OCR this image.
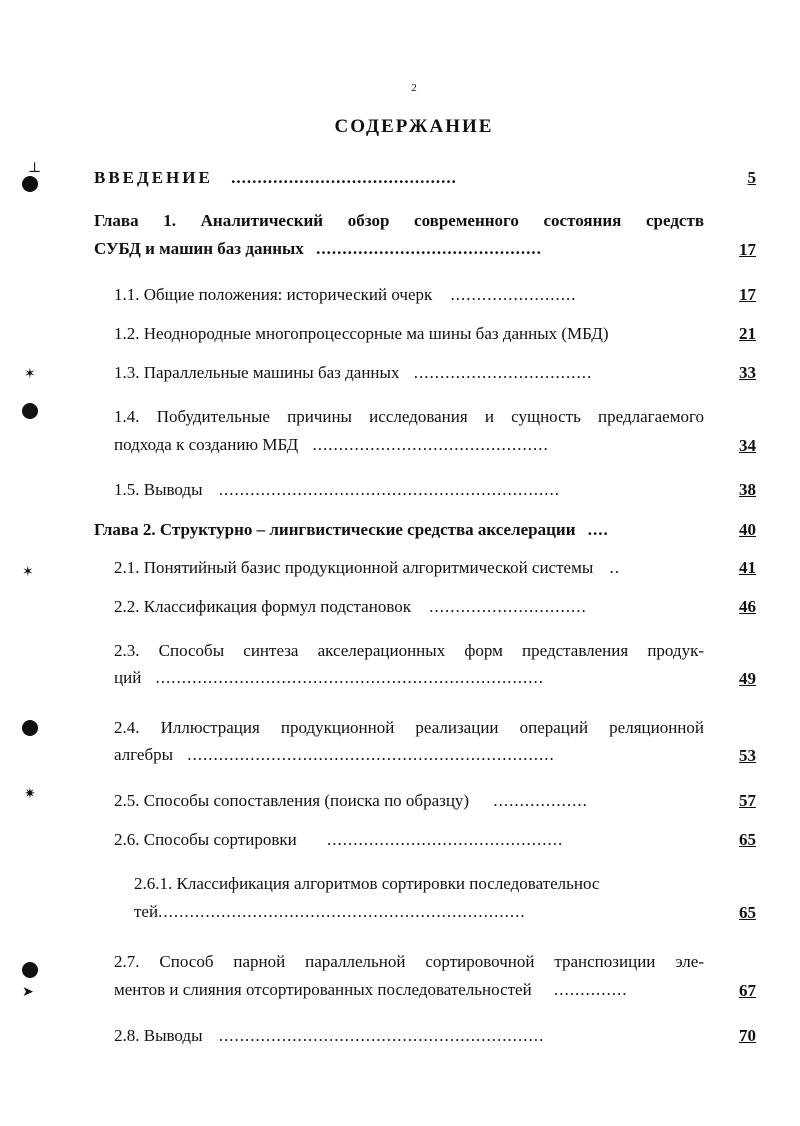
2
СОДЕРЖАНИЕ
⊥
✶
✶
✷
➤
ВВЕДЕНИЕ ...........................................	5
Глава 1. Аналитический обзор современного состояния средств
СУБД и машин баз данных ...........................................	17
1.1. Общие положения: исторический очерк ........................	17
1.2. Неоднородные многопроцессорные ма шины баз данных (МБД)	21
1.3. Параллельные машины баз данных ..................................	33
1.4. Побудительные причины исследования и сущность предлагаемого
подхода к созданию МБД .............................................	34
1.5. Выводы .................................................................	38
Глава 2. Структурно – лингвистические средства акселерации ....	40
2.1. Понятийный базис продукционной алгоритмической системы ..	41
2.2. Классификация формул подстановок ..............................	46
2.3. Способы синтеза акселерационных форм представления продук-
ций ..........................................................................	49
2.4. Иллюстрация продукционной реализации операций реляционной
алгебры ......................................................................	53
2.5. Способы сопоставления (поиска по образцу) ..................	57
2.6. Способы сортировки .............................................	65
2.6.1. Классификация алгоритмов сортировки последовательнос
тей......................................................................	65
2.7. Способ парной параллельной сортировочной транспозиции эле-
ментов и слияния отсортированных последовательностей ..............	67
2.8. Выводы ..............................................................	70
